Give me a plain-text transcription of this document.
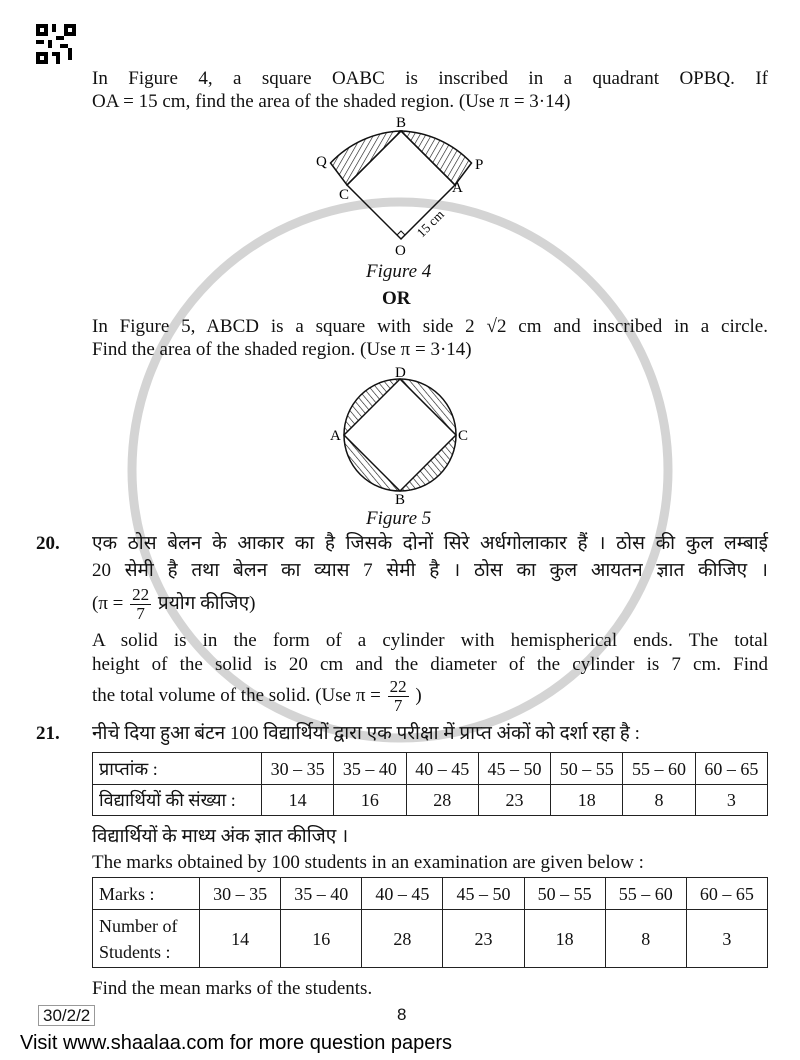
In Figure 4, a square OABC is inscribed in a quadrant OPBQ. If
OA = 15 cm, find the area of the shaded region. (Use π = 3·14)
B
Q	P
C	A
O
15 cm
Figure 4
OR
In Figure 5, ABCD is a square with side 2 √2 cm and inscribed in a circle.
Find the area of the shaded region. (Use π = 3·14)
D
A	C
B
Figure 5
20. एक ठोस बेलन के आकार का है जिसके दोनों सिरे अर्धगोलाकार हैं । ठोस की कुल लम्बाई
20 सेमी है तथा बेलन का व्यास 7 सेमी है । ठोस का कुल आयतन ज्ञात कीजिए ।
($\pi = \frac{22}{7}$ प्रयोग कीजिए)
A solid is in the form of a cylinder with hemispherical ends. The total
height of the solid is 20 cm and the diameter of the cylinder is 7 cm. Find
the total volume of the solid. (Use $\pi = \frac{22}{7}$ )
21. नीचे दिया हुआ बंटन 100 विद्यार्थियों द्वारा एक परीक्षा में प्राप्त अंकों को दर्शा रहा है :
प्राप्तांक :	30 – 35	35 – 40	40 – 45	45 – 50	50 – 55	55 – 60	60 – 65
विद्यार्थियों की संख्या :	14	16	28	23	18	8	3
विद्यार्थियों के माध्य अंक ज्ञात कीजिए ।
The marks obtained by 100 students in an examination are given below :
Marks :	30 – 35	35 – 40	40 – 45	45 – 50	50 – 55	55 – 60	60 – 65
Number of
Students :	14	16	28	23	18	8	3
Find the mean marks of the students.
30/2/2	8
Visit www.shaalaa.com for more question papers
